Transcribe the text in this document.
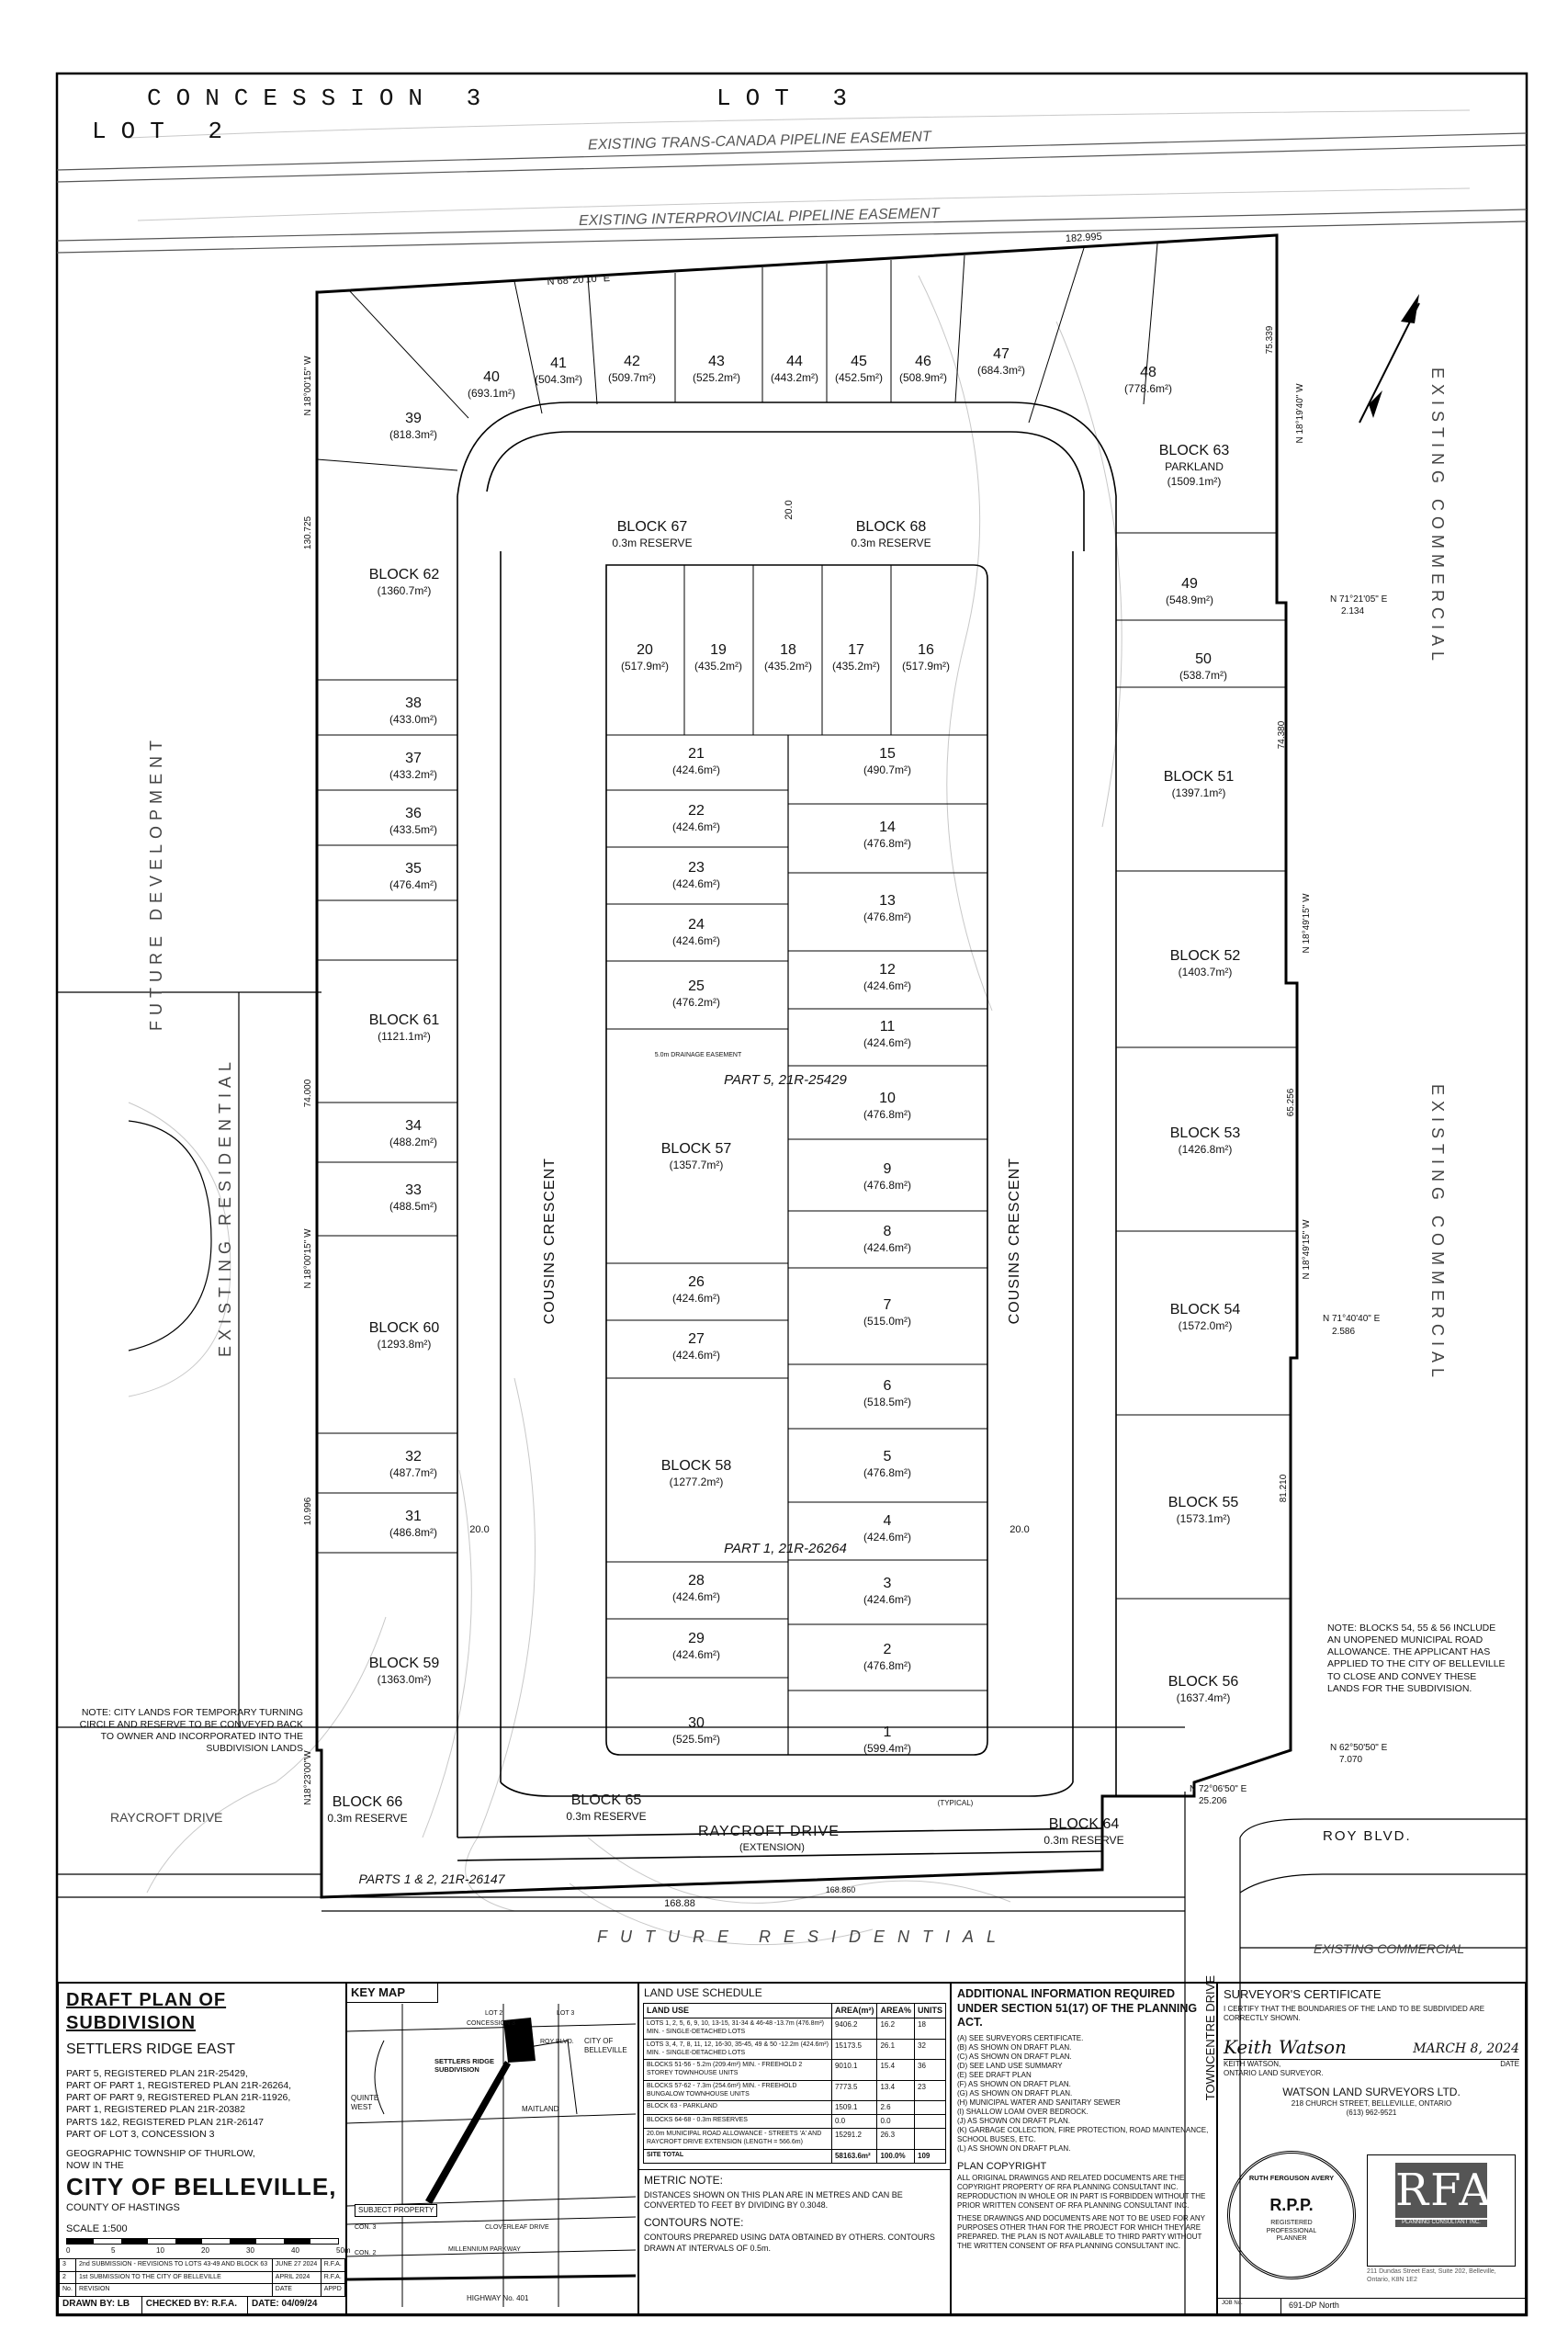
39
(818.3m²)
40
(693.1m²)
41
(504.3m²)
42
(509.7m²)
43
(525.2m²)
44
(443.2m²)
45
(452.5m²)
46
(508.9m²)
47
(684.3m²)	48
(778.6m²)
49
(548.9m²)
50
(538.7m²)
38
(433.0m²)
37
(433.2m²)
36
(433.5m²)
35
(476.4m²)
34
(488.2m²)
33
(488.5m²)
32
(487.7m²)
31
(486.8m²)
20
(517.9m²)
19
(435.2m²)
18
(435.2m²)
17
(435.2m²)
16
(517.9m²)
21
(424.6m²)
22
(424.6m²)
23
(424.6m²)
24
(424.6m²)
25
(476.2m²)
26
(424.6m²)
27
(424.6m²)
28
(424.6m²)
29
(424.6m²)
30
(525.5m²)
15
(490.7m²)
14
(476.8m²)
13
(476.8m²)
12
(424.6m²)
11
(424.6m²)
10
(476.8m²)
9
(476.8m²)
8
(424.6m²)
7
(515.0m²)
6
(518.5m²)
5
(476.8m²)
4
(424.6m²)
3
(424.6m²)
2
(476.8m²)
1
(599.4m²)
BLOCK 63
PARKLAND
(1509.1m²)
BLOCK 67
0.3m RESERVE
BLOCK 68
0.3m RESERVE
BLOCK 62
(1360.7m²)
BLOCK 51
(1397.1m²)
BLOCK 52
(1403.7m²)
BLOCK 61
(1121.1m²)
BLOCK 57
(1357.7m²)
BLOCK 53
(1426.8m²)
BLOCK 54
(1572.0m²)
BLOCK 60
(1293.8m²)
BLOCK 58
(1277.2m²)
BLOCK 55
(1573.1m²)
BLOCK 59
(1363.0m²)	BLOCK 56
(1637.4m²)
BLOCK 66
0.3m RESERVE
BLOCK 65
0.3m RESERVE	BLOCK 64
0.3m RESERVE
N 68°20'10" E
182.995
N 18°19'40" W
75.339
N 71°21'05" E
2.134
74.380
N 18°49'15" W
65.256
N 18°49'15" W
N 71°40'40" E
2.586
81.210
N 62°50'50" E
7.070
N 72°06'50" E
25.206
N 18°00'15" W
130.725
74.000
N 18°00'15" W
10.996
N18°23'00"W
168.88
168.860
20.0	20.0
20.0
PART 5, 21R-25429
PART 1, 21R-26264
PARTS 1 & 2, 21R-26147
5.0m DRAINAGE EASEMENT
(TYPICAL)
CONCESSION 3	LOT 3
LOT 2	EXISTING TRANS-CANADA PIPELINE EASEMENT
EXISTING INTERPROVINCIAL PIPELINE EASEMENT
FUTURE DEVELOPMENT
EXISTING RESIDENTIAL
EXISTING COMMERCIAL
EXISTING COMMERCIAL
EXISTING COMMERCIAL
FUTURE RESIDENTIAL
RAYCROFT DRIVE
ROY BLVD.
TOWNCENTRE DRIVE
COUSINS CRESCENT	COUSINS CRESCENT
RAYCROFT DRIVE
(EXTENSION)
NOTE: CITY LANDS FOR TEMPORARY TURNING CIRCLE AND RESERVE TO BE CONVEYED BACK TO OWNER AND INCORPORATED INTO THE SUBDIVISION LANDS
NOTE: BLOCKS 54, 55 & 56 INCLUDE AN UNOPENED MUNICIPAL ROAD ALLOWANCE. THE APPLICANT HAS APPLIED TO THE CITY OF BELLEVILLE TO CLOSE AND CONVEY THESE LANDS FOR THE SUBDIVISION.
DRAFT PLAN OF SUBDIVISION
SETTLERS RIDGE EAST
PART 5, REGISTERED PLAN 21R-25429,
PART OF PART 1, REGISTERED PLAN 21R-26264,
PART OF PART 9, REGISTERED PLAN 21R-11926,
PART 1, REGISTERED PLAN 21R-20382
PARTS 1&2, REGISTERED PLAN 21R-26147
PART OF LOT 3, CONCESSION 3
GEOGRAPHIC TOWNSHIP OF THURLOW,
NOW IN THE
CITY OF BELLEVILLE,
COUNTY OF HASTINGS
SCALE 1:500
0	5	10	20	30	40	50m
3	2nd SUBMISSION - REVISIONS TO LOTS 43-49 AND BLOCK 63	JUNE 27 2024	R.F.A.
2	1st SUBMISSION TO THE CITY OF BELLEVILLE	APRIL 2024	R.F.A.
No.	REVISION	DATE	APPD
DRAWN BY: LB	CHECKED BY: R.F.A.	DATE: 04/09/24
KEY MAP
LOT 3
LOT 2
CONCESSION 3
ROY BLVD.
SETTLERS RIDGE SUBDIVISION
CITY OF BELLEVILLE
QUINTE WEST	MAITLAND
SUBJECT PROPERTY
CON. 3
CON. 2
CLOVERLEAF DRIVE
MILLENNIUM PARKWAY
HIGHWAY No. 401
LAND USE SCHEDULE
LAND USE	AREA(m²)	AREA%	UNITS
LOTS 1, 2, 5, 6, 9, 10, 13-15, 31-34 & 46-48 -13.7m (476.8m²) MIN. - SINGLE-DETACHED LOTS	9406.2	16.2	18
LOTS 3, 4, 7, 8, 11, 12, 16-30, 35-45, 49 & 50 -12.2m (424.6m²) MIN. - SINGLE-DETACHED LOTS	15173.5	26.1	32
BLOCKS 51-56 - 5.2m (209.4m²) MIN. - FREEHOLD 2 STOREY TOWNHOUSE UNITS	9010.1	15.4	36
BLOCKS 57-62 - 7.3m (254.6m²) MIN. - FREEHOLD BUNGALOW TOWNHOUSE UNITS	7773.5	13.4	23
BLOCK 63 - PARKLAND	1509.1	2.6	
BLOCKS 64-68 - 0.3m RESERVES	0.0	0.0	
20.0m MUNICIPAL ROAD ALLOWANCE - STREETS 'A' AND RAYCROFT DRIVE EXTENSION (LENGTH = 566.6m)	15291.2	26.3	
SITE TOTAL	58163.6m²	100.0%	109
METRIC NOTE:
DISTANCES SHOWN ON THIS PLAN ARE IN METRES AND CAN BE CONVERTED TO FEET BY DIVIDING BY 0.3048.
CONTOURS NOTE:
CONTOURS PREPARED USING DATA OBTAINED BY OTHERS. CONTOURS DRAWN AT INTERVALS OF 0.5m.
ADDITIONAL INFORMATION REQUIRED UNDER SECTION 51(17) OF THE PLANNING ACT.
(A) SEE SURVEYORS CERTIFICATE.
(B) AS SHOWN ON DRAFT PLAN.
(C) AS SHOWN ON DRAFT PLAN.
(D) SEE LAND USE SUMMARY
(E) SEE DRAFT PLAN
(F) AS SHOWN ON DRAFT PLAN.
(G) AS SHOWN ON DRAFT PLAN.
(H) MUNICIPAL WATER AND SANITARY SEWER
(I) SHALLOW LOAM OVER BEDROCK.
(J) AS SHOWN ON DRAFT PLAN.
(K) GARBAGE COLLECTION, FIRE PROTECTION, ROAD MAINTENANCE, SCHOOL BUSES, ETC.
(L) AS SHOWN ON DRAFT PLAN.
PLAN COPYRIGHT
ALL ORIGINAL DRAWINGS AND RELATED DOCUMENTS ARE THE COPYRIGHT PROPERTY OF RFA PLANNING CONSULTANT INC. REPRODUCTION IN WHOLE OR IN PART IS FORBIDDEN WITHOUT THE PRIOR WRITTEN CONSENT OF RFA PLANNING CONSULTANT INC.
THESE DRAWINGS AND DOCUMENTS ARE NOT TO BE USED FOR ANY PURPOSES OTHER THAN FOR THE PROJECT FOR WHICH THEY ARE PREPARED. THE PLAN IS NOT AVAILABLE TO THIRD PARTY WITHOUT THE WRITTEN CONSENT OF RFA PLANNING CONSULTANT INC.
SURVEYOR'S CERTIFICATE
I CERTIFY THAT THE BOUNDARIES OF THE LAND TO BE SUBDIVIDED ARE CORRECTLY SHOWN.
Keith Watson	MARCH 8, 2024
KEITH WATSON,
ONTARIO LAND SURVEYOR.
DATE
WATSON LAND SURVEYORS LTD.
218 CHURCH STREET, BELLEVILLE, ONTARIO
(613) 962-9521
RUTH FERGUSON AVERY
R.P.P.
REGISTERED PROFESSIONAL PLANNER
RFA
PLANNING CONSULTANT INC.
211 Dundas Street East, Suite 202, Belleville, Ontario, K8N 1E2
JOB No.	691-DP North
